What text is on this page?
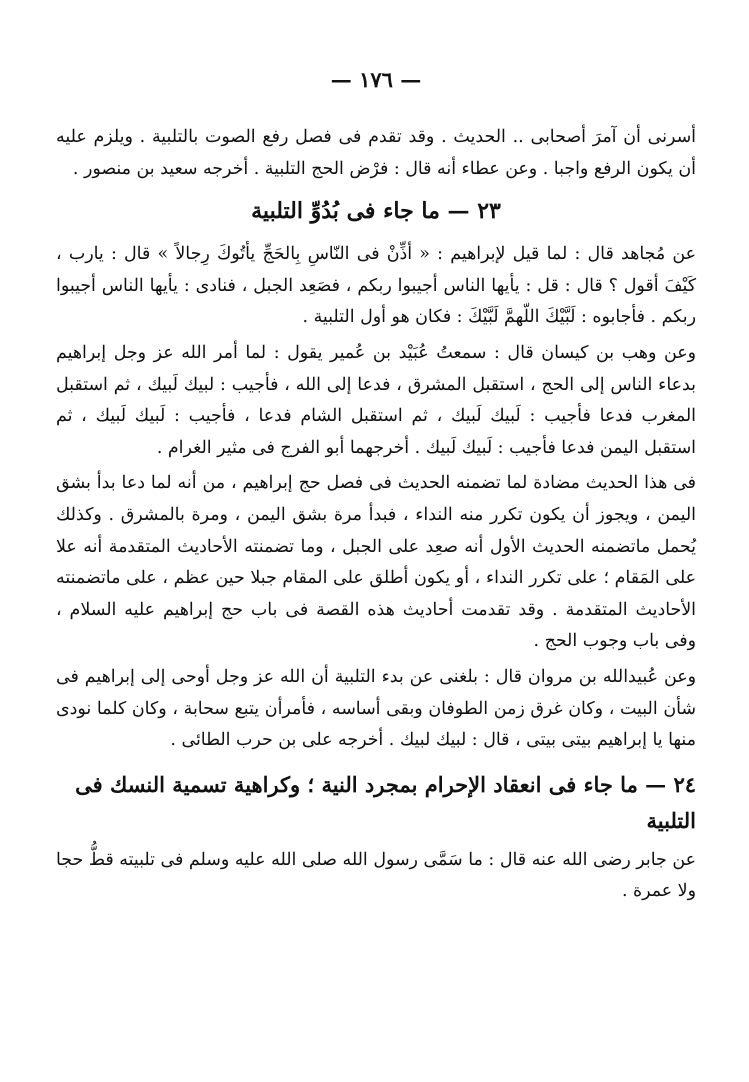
— ١٧٦ —

أسرنى أن آمرَ أصحابى .. الحديث . وقد تقدم فى فصل رفع الصوت بالتلبية . ويلزم عليه أن يكون الرفع واجبا . وعن عطاء أنه قال : فرْض الحج التلبية . أخرجه سعيد بن منصور .

٢٣ — ما جاء فى بُدُوِّ التلبية

عن مُجاهد قال : لما قيل لإبراهيم : « أذِّنْ فى النّاسِ بِالحَجِّ يأتُوكَ رِجالاً » قال : يارب ، كَيْفَ أقول ؟ قال : قل : يأيها الناس أجيبوا ربكم ، فصَعِد الجبل ، فنادى : يأيها الناس أجيبوا ربكم . فأجابوه : لَبَّيْكَ اللّهمَّ لَبَّيْكَ : فكان هو أول التلبية .

وعن وهب بن كيسان قال : سمعتُ عُبَيْد بن عُمير يقول : لما أمر الله عز وجل إبراهيم بدعاء الناس إلى الحج ، استقبل المشرق ، فدعا إلى الله ، فأجيب : لبيك لَبيك ، ثم استقبل المغرب فدعا فأجيب : لَبيك لَبيك ، ثم استقبل الشام فدعا ، فأجيب : لَبيك لَبيك ، ثم استقبل اليمن فدعا فأجيب : لَبيك لَبيك . أخرجهما أبو الفرج فى مثير الغرام .

فى هذا الحديث مضادة لما تضمنه الحديث فى فصل حج إبراهيم ، من أنه لما دعا بدأ بشق اليمن ، ويجوز أن يكون تكرر منه النداء ، فبدأ مرة بشق اليمن ، ومرة بالمشرق . وكذلك يُحمل ماتضمنه الحديث الأول أنه صعِد على الجبل ، وما تضمنته الأحاديث المتقدمة أنه علا على المَقام ؛ على تكرر النداء ، أو يكون أطلق على المقام جبلا حين عظم ، على ماتضمنته الأحاديث المتقدمة . وقد تقدمت أحاديث هذه القصة فى باب حج إبراهيم عليه السلام ، وفى باب وجوب الحج .

وعن عُبيدالله بن مروان قال : بلغنى عن بدء التلبية أن الله عز وجل أوحى إلى إبراهيم فى شأن البيت ، وكان غرق زمن الطوفان وبقى أساسه ، فأمرأن يتبع سحابة ، وكان كلما نودى منها يا إبراهيم بيتى بيتى ، قال : لبيك لبيك . أخرجه على بن حرب الطائى .

٢٤ — ما جاء فى انعقاد الإحرام بمجرد النية ؛ وكراهية تسمية النسك فى التلبية

عن جابر رضى الله عنه قال : ما سَمَّى رسول الله صلى الله عليه وسلم فى تلبيته قطُّ حجا ولا عمرة .
